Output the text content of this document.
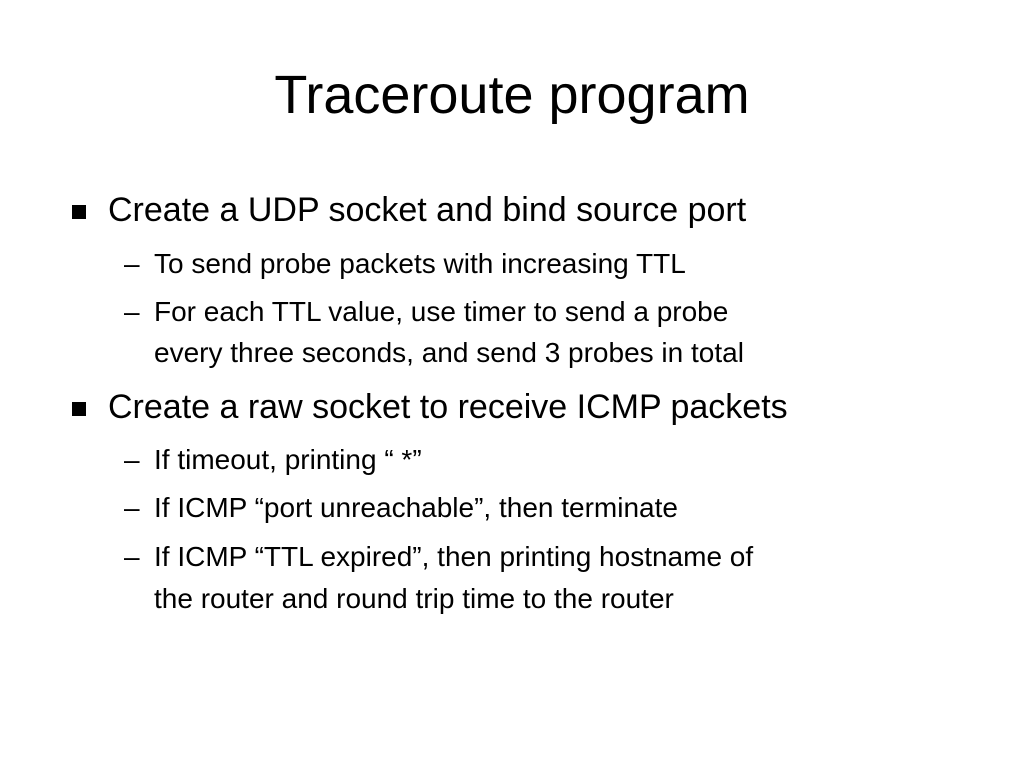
Traceroute program
Create a UDP socket and bind source port
– To send probe packets with increasing TTL
– For each TTL value, use timer to send a probe
every three seconds, and send 3 probes in total
Create a raw socket to receive ICMP packets
– If timeout, printing “ *”
– If ICMP “port unreachable”, then terminate
– If ICMP “TTL expired”, then printing hostname of
the router and round trip time to the router
